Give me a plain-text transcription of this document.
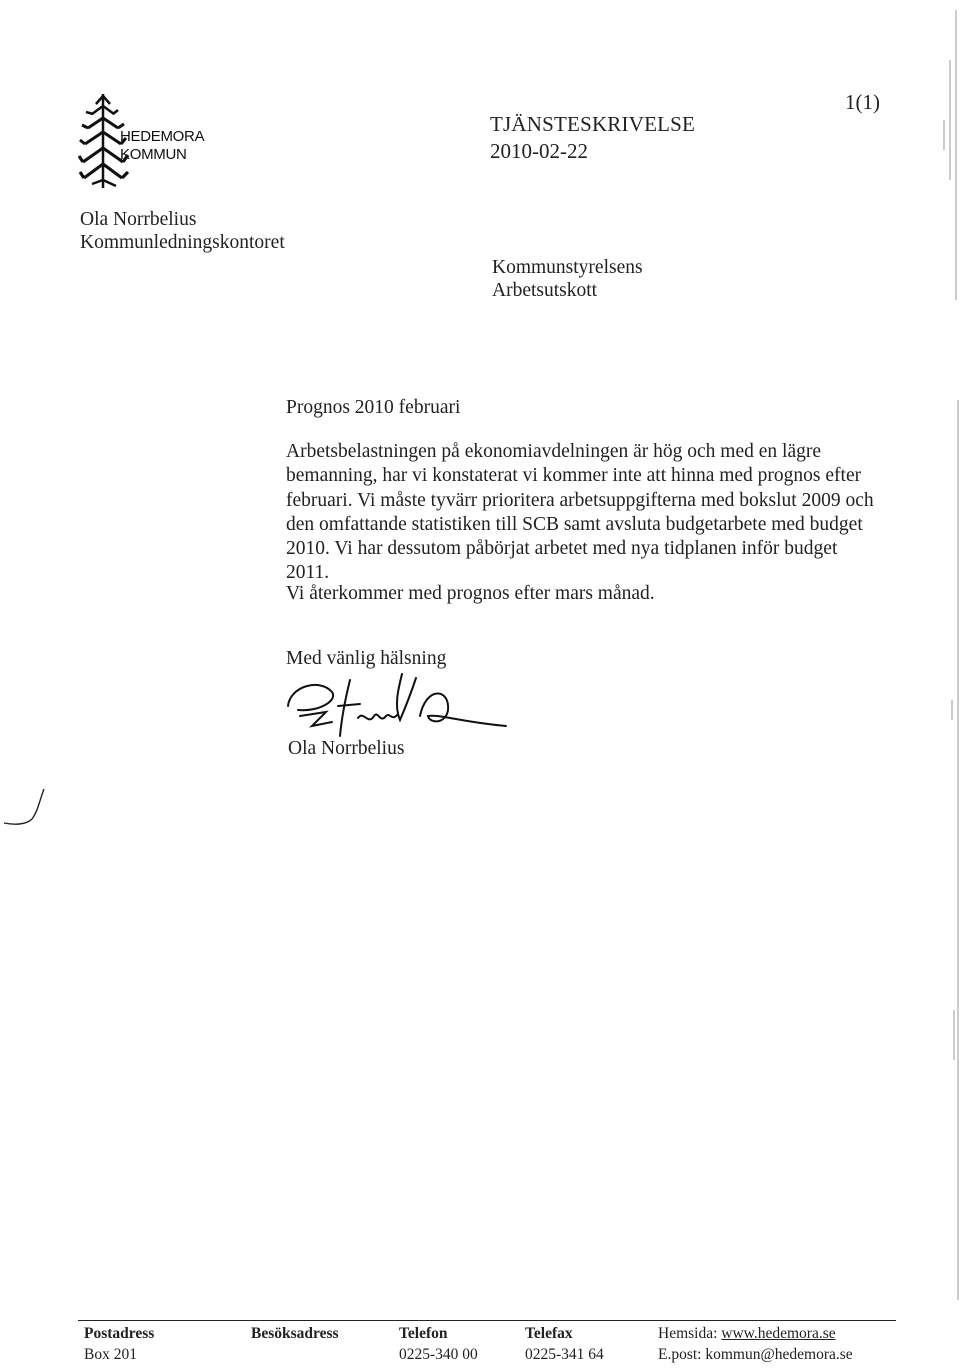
HEDEMORA
KOMMUN
1(1)
TJÄNSTESKRIVELSE
2010-02-22
Ola Norrbelius
Kommunledningskontoret
Kommunstyrelsens
Arbetsutskott
Prognos 2010 februari

Arbetsbelastningen på ekonomiavdelningen är hög och med en lägre bemanning, har vi konstaterat vi kommer inte att hinna med prognos efter februari. Vi måste tyvärr prioritera arbetsuppgifterna med bokslut 2009 och den omfattande statistiken till SCB samt avsluta budgetarbete med budget 2010. Vi har dessutom påbörjat arbetet med nya tidplanen inför budget 2011.

Vi återkommer med prognos efter mars månad.
Med vänlig hälsning
Ola Norrbelius
Postadress
Box 201
Besöksadress	Telefon
0225-340 00
Telefax
0225-341 64
Hemsida: www.hedemora.se
E.post: kommun@hedemora.se
